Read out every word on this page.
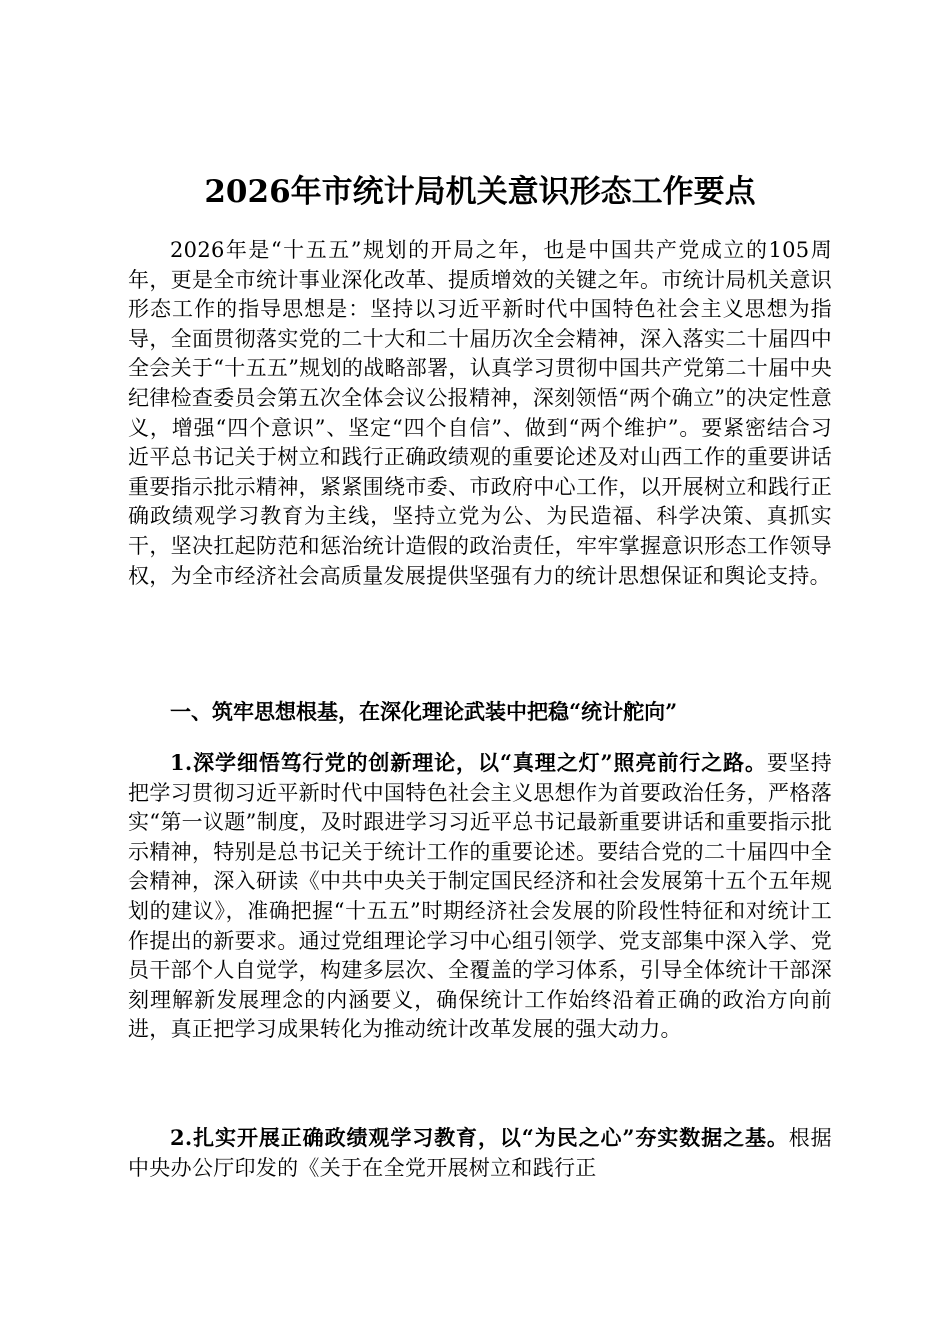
2026年市统计局机关意识形态工作要点

2026年是“十五五”规划的开局之年，也是中国共产党成立的105周年，更是全市统计事业深化改革、提质增效的关键之年。市统计局机关意识形态工作的指导思想是：坚持以习近平新时代中国特色社会主义思想为指导，全面贯彻落实党的二十大和二十届历次全会精神，深入落实二十届四中全会关于“十五五”规划的战略部署，认真学习贯彻中国共产党第二十届中央纪律检查委员会第五次全体会议公报精神，深刻领悟“两个确立”的决定性意义，增强“四个意识”、坚定“四个自信”、做到“两个维护”。要紧密结合习近平总书记关于树立和践行正确政绩观的重要论述及对山西工作的重要讲话重要指示批示精神，紧紧围绕市委、市政府中心工作，以开展树立和践行正确政绩观学习教育为主线，坚持立党为公、为民造福、科学决策、真抓实干，坚决扛起防范和惩治统计造假的政治责任，牢牢掌握意识形态工作领导权，为全市经济社会高质量发展提供坚强有力的统计思想保证和舆论支持。

一、筑牢思想根基，在深化理论武装中把稳“统计舵向”

1.深学细悟笃行党的创新理论，以“真理之灯”照亮前行之路。要坚持把学习贯彻习近平新时代中国特色社会主义思想作为首要政治任务，严格落实“第一议题”制度，及时跟进学习习近平总书记最新重要讲话和重要指示批示精神，特别是总书记关于统计工作的重要论述。要结合党的二十届四中全会精神，深入研读《中共中央关于制定国民经济和社会发展第十五个五年规划的建议》，准确把握“十五五”时期经济社会发展的阶段性特征和对统计工作提出的新要求。通过党组理论学习中心组引领学、党支部集中深入学、党员干部个人自觉学，构建多层次、全覆盖的学习体系，引导全体统计干部深刻理解新发展理念的内涵要义，确保统计工作始终沿着正确的政治方向前进，真正把学习成果转化为推动统计改革发展的强大动力。

2.扎实开展正确政绩观学习教育，以“为民之心”夯实数据之基。根据中央办公厅印发的《关于在全党开展树立和践行正
